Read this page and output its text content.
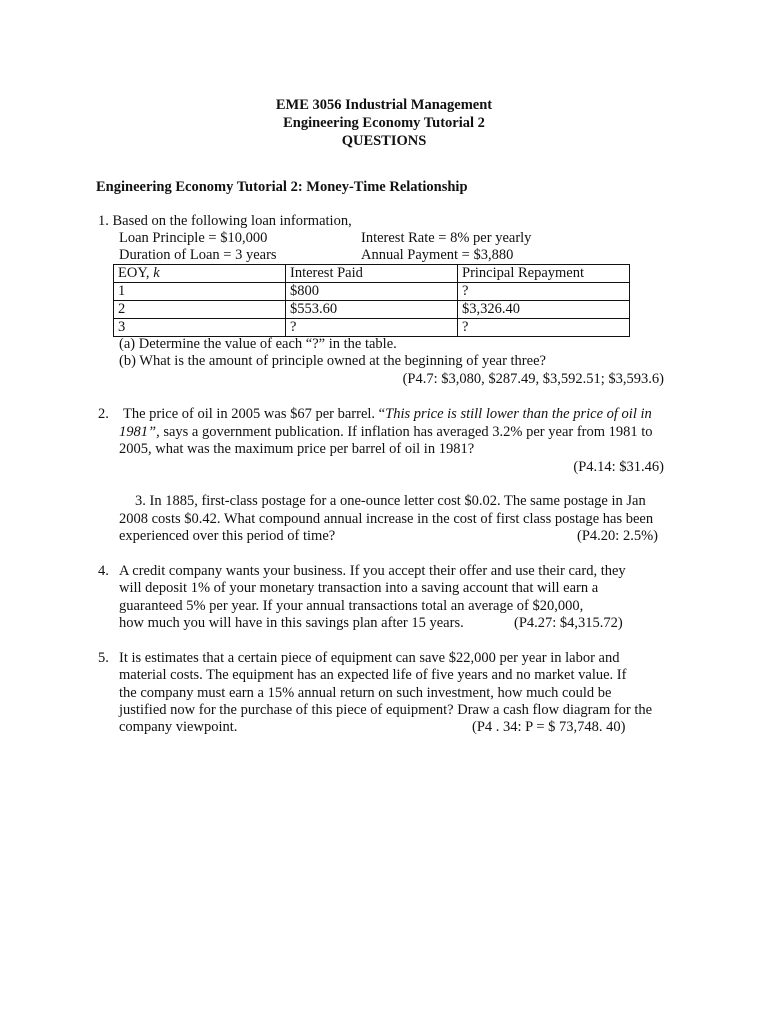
EME 3056 Industrial Management
Engineering Economy Tutorial 2
QUESTIONS
Engineering Economy Tutorial 2: Money-Time Relationship
1. Based on the following loan information,
Loan Principle = $10,000	Interest Rate = 8% per yearly
Duration of Loan = 3 years	Annual Payment = $3,880
EOY, k	Interest Paid	Principal Repayment
1	$800	?
2	$553.60	$3,326.40
3	?	?
(a) Determine the value of each “?” in the table.
(b) What is the amount of principle owned at the beginning of year three?
(P4.7: $3,080, $287.49, $3,592.51; $3,593.6)
2. The price of oil in 2005 was $67 per barrel. “This price is still lower than the price of oil in
1981”, says a government publication. If inflation has averaged 3.2% per year from 1981 to
2005, what was the maximum price per barrel of oil in 1981?
(P4.14: $31.46)
3. In 1885, first-class postage for a one-ounce letter cost $0.02. The same postage in Jan
2008 costs $0.42. What compound annual increase in the cost of first class postage has been
experienced over this period of time?	(P4.20: 2.5%)
4. A credit company wants your business. If you accept their offer and use their card, they
will deposit 1% of your monetary transaction into a saving account that will earn a
guaranteed 5% per year. If your annual transactions total an average of $20,000,
how much you will have in this savings plan after 15 years.	(P4.27: $4,315.72)
5. It is estimates that a certain piece of equipment can save $22,000 per year in labor and
material costs. The equipment has an expected life of five years and no market value. If
the company must earn a 15% annual return on such investment, how much could be
justified now for the purchase of this piece of equipment? Draw a cash flow diagram for the
company viewpoint.	(P4 . 34: P = $ 73,748. 40)
